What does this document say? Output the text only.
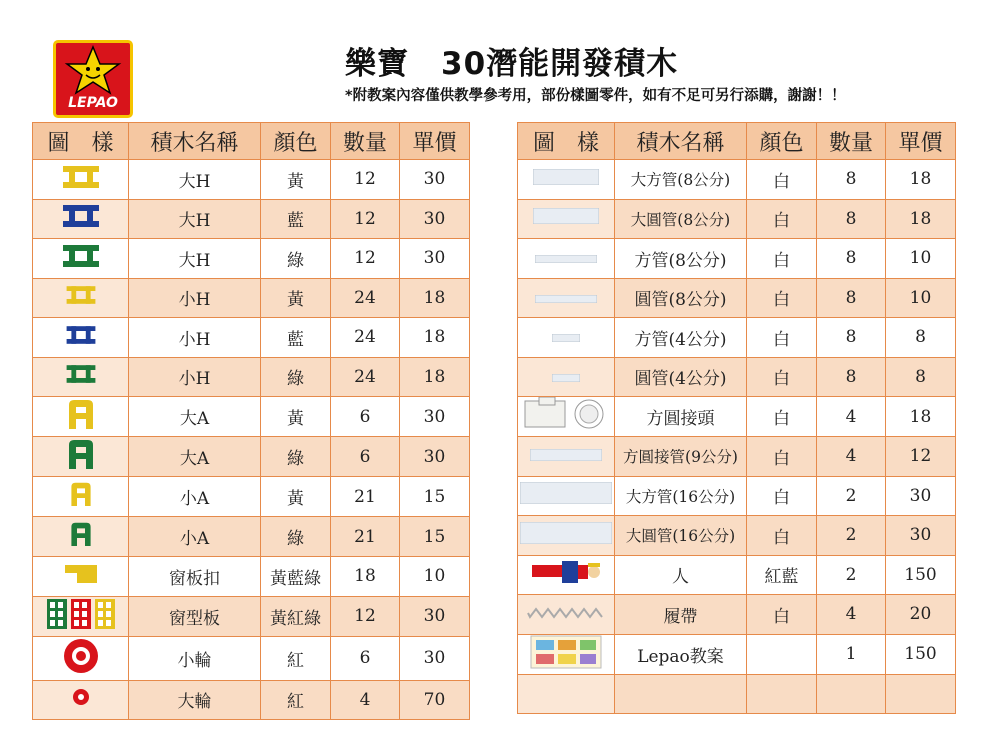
LEPAO
樂寶　30潛能開發積木
*附教案內容僅供教學參考用，部份樣圖零件，如有不足可另行添購，謝謝！！
圖　樣	積木名稱	顏色	數量	單價
	大H	黃	12	30
	大H	藍	12	30
	大H	綠	12	30
	小H	黃	24	18
	小H	藍	24	18
	小H	綠	24	18
	大A	黃	6	30
	大A	綠	6	30
	小A	黃	21	15
	小A	綠	21	15
	窗板扣	黃藍綠	18	10
	窗型板	黃紅綠	12	30
	小輪	紅	6	30
	大輪	紅	4	70
圖　樣	積木名稱	顏色	數量	單價
	大方管(8公分)	白	8	18
	大圓管(8公分)	白	8	18
	方管(8公分)	白	8	10
	圓管(8公分)	白	8	10
	方管(4公分)	白	8	8
	圓管(4公分)	白	8	8
	方圓接頭	白	4	18
	方圓接管(9公分)	白	4	12
	大方管(16公分)	白	2	30
	大圓管(16公分)	白	2	30
	人	紅藍	2	150
	履帶	白	4	20
	Lepao教案		1	150
